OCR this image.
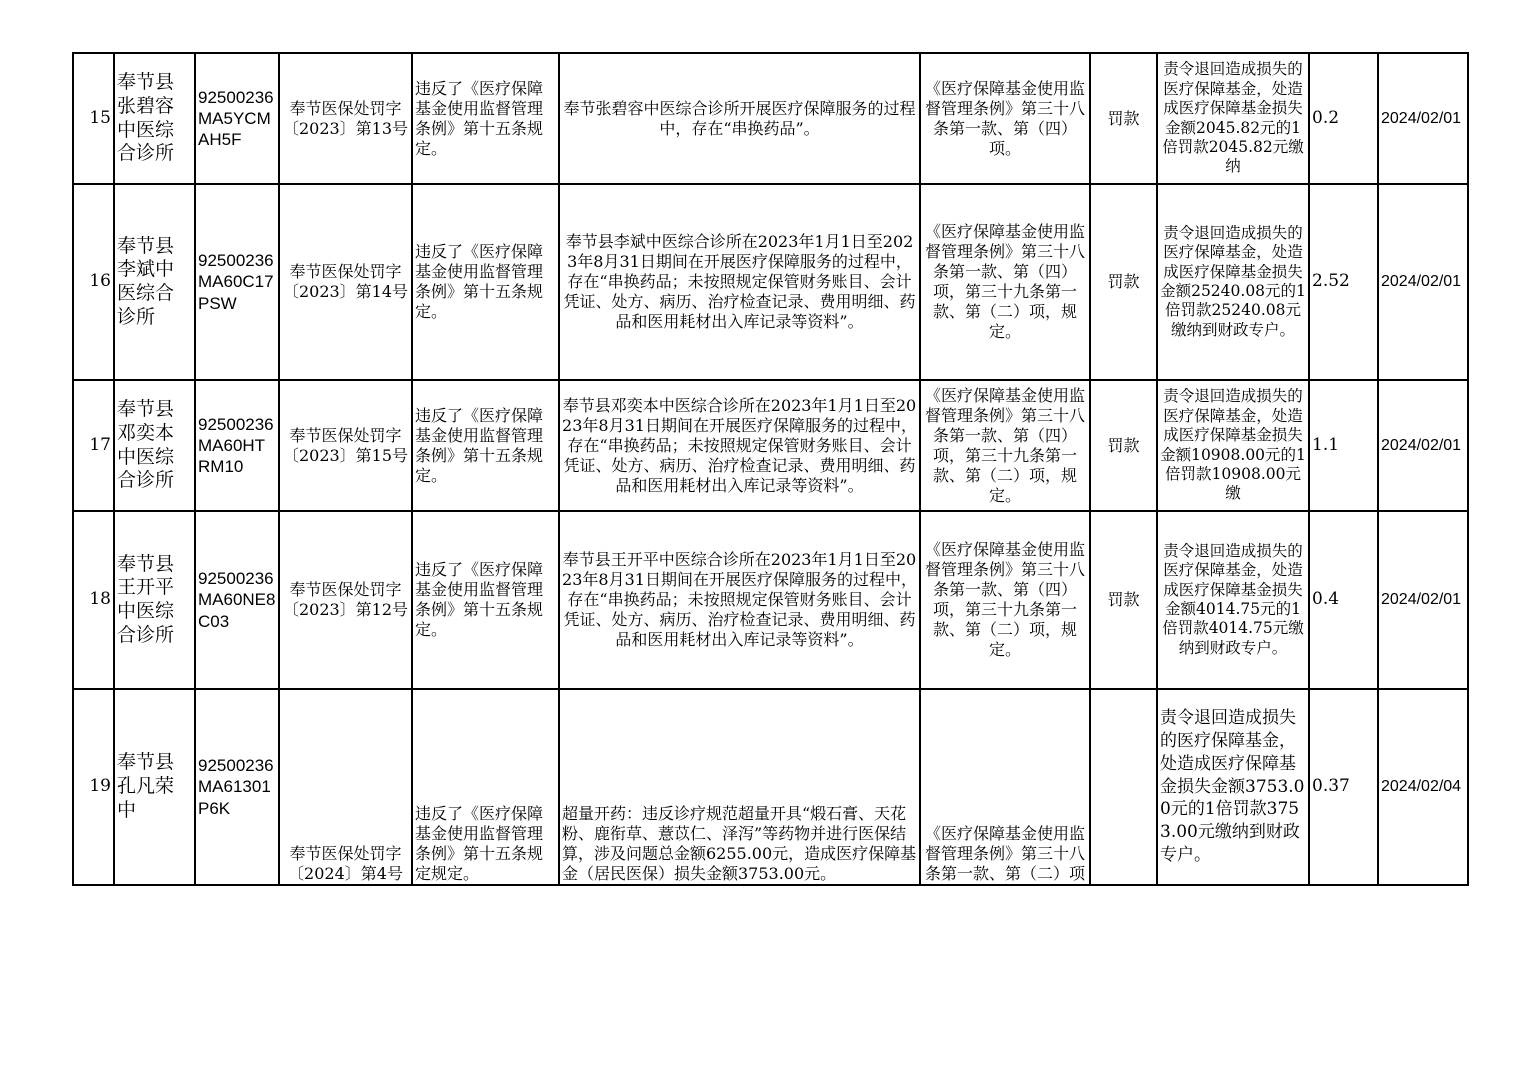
15	奉节县张碧容中医综合诊所	92500236MA5YCMAH5F	奉节医保处罚字〔2023〕第13号	违反了《医疗保障基金使用监督管理条例》第十五条规定。	奉节张碧容中医综合诊所开展医疗保障服务的过程中，存在“串换药品”。	《医疗保障基金使用监督管理条例》第三十八条第一款、第（四）项。	罚款	责令退回造成损失的医疗保障基金，处造成医疗保障基金损失金额2045.82元的1倍罚款2045.82元缴纳	0.2	2024/02/01
16	奉节县李斌中医综合诊所	92500236MA60C17PSW	奉节医保处罚字〔2023〕第14号	违反了《医疗保障基金使用监督管理条例》第十五条规定。	奉节县李斌中医综合诊所在2023年1月1日至2023年8月31日期间在开展医疗保障服务的过程中，存在“串换药品；未按照规定保管财务账目、会计凭证、处方、病历、治疗检查记录、费用明细、药品和医用耗材出入库记录等资料”。	《医疗保障基金使用监督管理条例》第三十八条第一款、第（四）项，第三十九条第一款、第（二）项，规定。	罚款	责令退回造成损失的医疗保障基金，处造成医疗保障基金损失金额25240.08元的1倍罚款25240.08元缴纳到财政专户。	2.52	2024/02/01
17	奉节县邓奕本中医综合诊所	92500236MA60HTRM10	奉节医保处罚字〔2023〕第15号	违反了《医疗保障基金使用监督管理条例》第十五条规定。	奉节县邓奕本中医综合诊所在2023年1月1日至2023年8月31日期间在开展医疗保障服务的过程中，存在“串换药品；未按照规定保管财务账目、会计凭证、处方、病历、治疗检查记录、费用明细、药品和医用耗材出入库记录等资料”。	《医疗保障基金使用监督管理条例》第三十八条第一款、第（四）项，第三十九条第一款、第（二）项，规定。	罚款	责令退回造成损失的医疗保障基金，处造成医疗保障基金损失金额10908.00元的1倍罚款10908.00元缴	1.1	2024/02/01
18	奉节县王开平中医综合诊所	92500236MA60NE8C03	奉节医保处罚字〔2023〕第12号	违反了《医疗保障基金使用监督管理条例》第十五条规定。	奉节县王开平中医综合诊所在2023年1月1日至2023年8月31日期间在开展医疗保障服务的过程中，存在“串换药品；未按照规定保管财务账目、会计凭证、处方、病历、治疗检查记录、费用明细、药品和医用耗材出入库记录等资料”。	《医疗保障基金使用监督管理条例》第三十八条第一款、第（四）项，第三十九条第一款、第（二）项，规定。	罚款	责令退回造成损失的医疗保障基金，处造成医疗保障基金损失金额4014.75元的1倍罚款4014.75元缴纳到财政专户。	0.4	2024/02/01
19	奉节县孔凡荣中	92500236MA61301P6K	奉节医保处罚字〔2024〕第4号	违反了《医疗保障基金使用监督管理条例》第十五条规定规定。	超量开药：违反诊疗规范超量开具“煅石膏、天花粉、鹿衔草、薏苡仁、泽泻”等药物并进行医保结算，涉及问题总金额6255.00元，造成医疗保障基金（居民医保）损失金额3753.00元。	《医疗保障基金使用监督管理条例》第三十八条第一款、第（二）项		责令退回造成损失的医疗保障基金，处造成医疗保障基金损失金额3753.00元的1倍罚款3753.00元缴纳到财政专户。	0.37	2024/02/04
